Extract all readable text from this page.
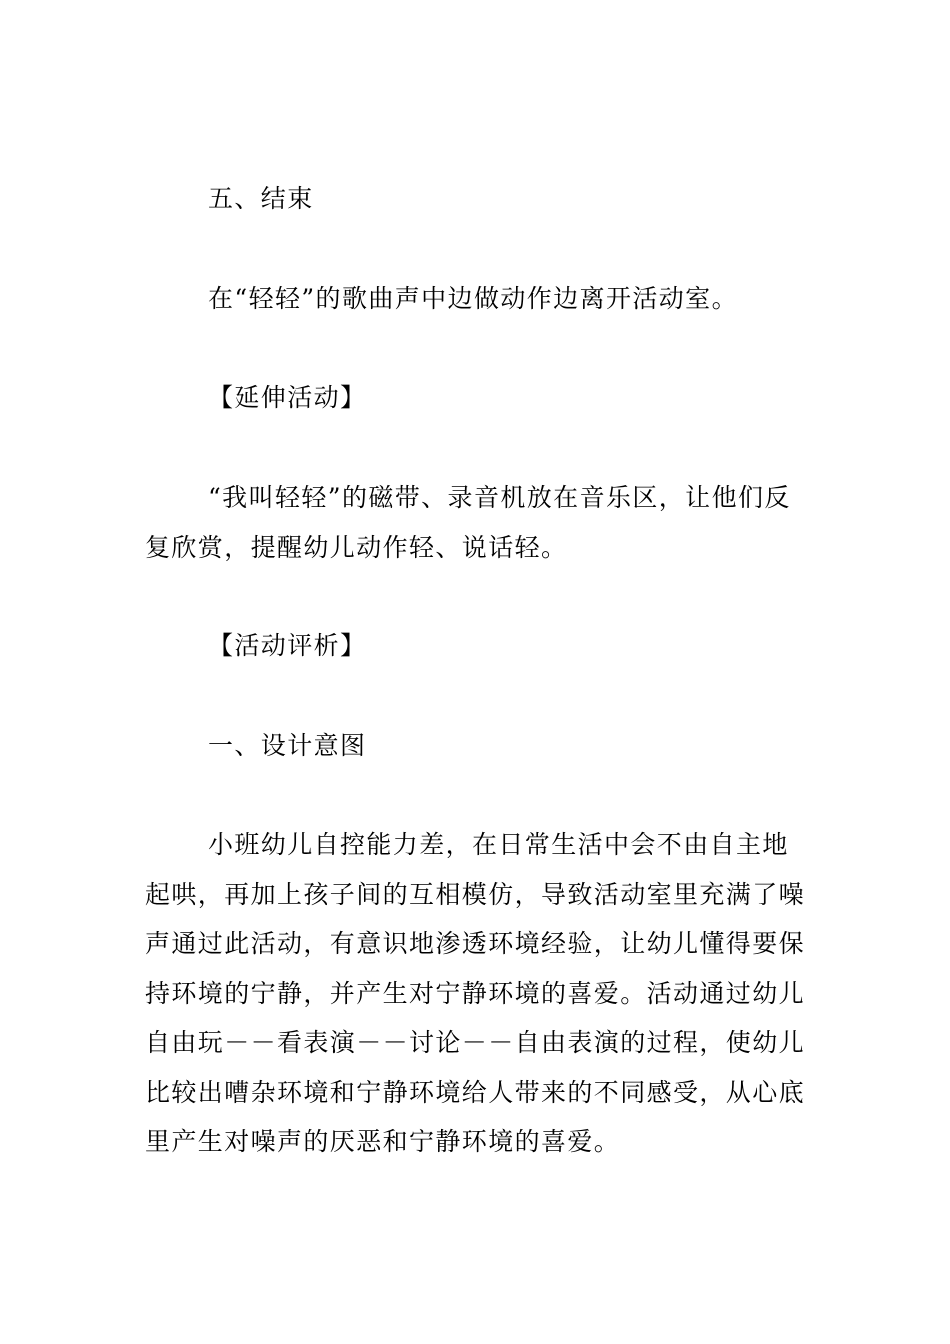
五、结束

在“轻轻”的歌曲声中边做动作边离开活动室。

【延伸活动】

“我叫轻轻”的磁带、录音机放在音乐区，让他们反复欣赏，提醒幼儿动作轻、说话轻。

【活动评析】

一、设计意图

小班幼儿自控能力差，在日常生活中会不由自主地起哄，再加上孩子间的互相模仿，导致活动室里充满了噪声通过此活动，有意识地渗透环境经验，让幼儿懂得要保持环境的宁静，并产生对宁静环境的喜爱。活动通过幼儿自由玩－－看表演－－讨论－－自由表演的过程，使幼儿比较出嘈杂环境和宁静环境给人带来的不同感受，从心底里产生对噪声的厌恶和宁静环境的喜爱。
